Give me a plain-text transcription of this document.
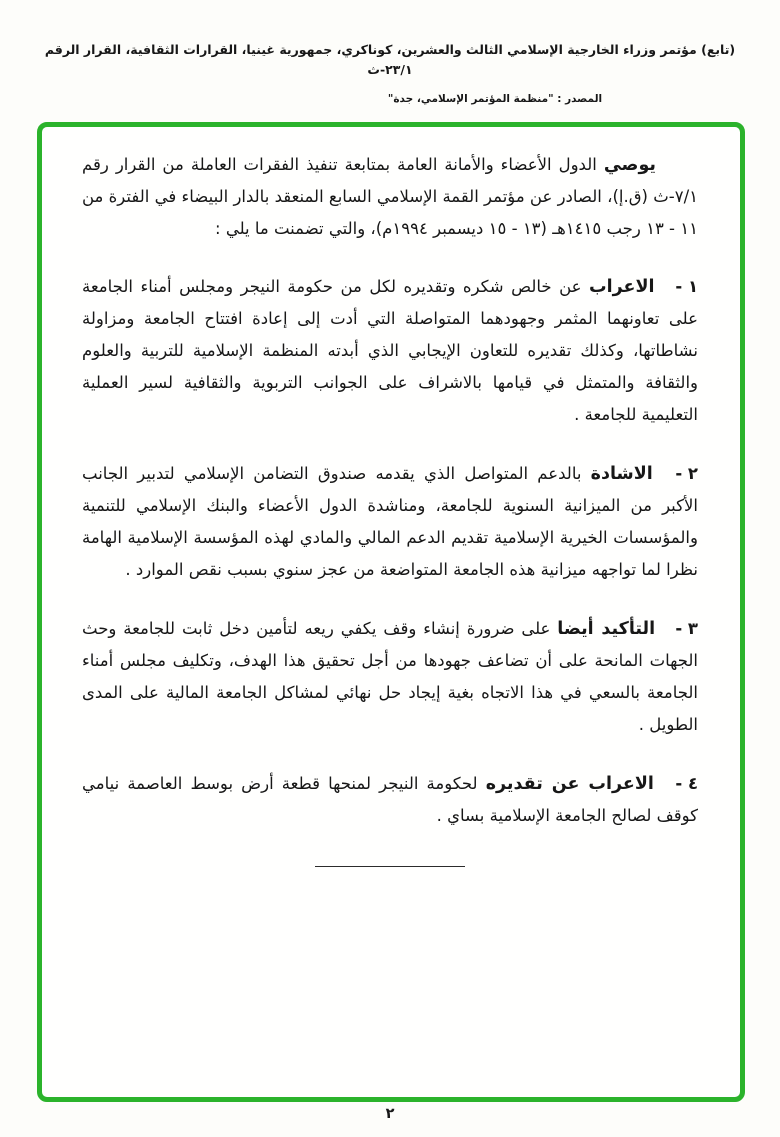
(تابع) مؤتمر وزراء الخارجية الإسلامي الثالث والعشرين، كوناكري، جمهورية غينيا، القرارات الثقافية، القرار الرقم ٢٣/١-ث
المصدر : "منظمة المؤتمر الإسلامي، جدة"

يوصي الدول الأعضاء والأمانة العامة بمتابعة تنفيذ الفقرات العاملة من القرار رقم ٧/١-ث (ق.إ)، الصادر عن مؤتمر القمة الإسلامي السابع المنعقد بالدار البيضاء في الفترة من ١١ - ١٣ رجب ١٤١٥هـ (١٣ - ١٥ ديسمبر ١٩٩٤م)، والتي تضمنت ما يلي :

١ - الاعراب عن خالص شكره وتقديره لكل من حكومة النيجر ومجلس أمناء الجامعة على تعاونهما المثمر وجهودهما المتواصلة التي أدت إلى إعادة افتتاح الجامعة ومزاولة نشاطاتها، وكذلك تقديره للتعاون الإيجابي الذي أبدته المنظمة الإسلامية للتربية والعلوم والثقافة والمتمثل في قيامها بالاشراف على الجوانب التربوية والثقافية لسير العملية التعليمية للجامعة .

٢ - الاشادة بالدعم المتواصل الذي يقدمه صندوق التضامن الإسلامي لتدبير الجانب الأكبر من الميزانية السنوية للجامعة، ومناشدة الدول الأعضاء والبنك الإسلامي للتنمية والمؤسسات الخيرية الإسلامية تقديم الدعم المالي والمادي لهذه المؤسسة الإسلامية الهامة نظرا لما تواجهه ميزانية هذه الجامعة المتواضعة من عجز سنوي بسبب نقص الموارد .

٣ - التأكيد أيضا على ضرورة إنشاء وقف يكفي ريعه لتأمين دخل ثابت للجامعة وحث الجهات المانحة على أن تضاعف جهودها من أجل تحقيق هذا الهدف، وتكليف مجلس أمناء الجامعة بالسعي في هذا الاتجاه بغية إيجاد حل نهائي لمشاكل الجامعة المالية على المدى الطويل .

٤ - الاعراب عن تقديره لحكومة النيجر لمنحها قطعة أرض بوسط العاصمة نيامي كوقف لصالح الجامعة الإسلامية بساي .

٢
